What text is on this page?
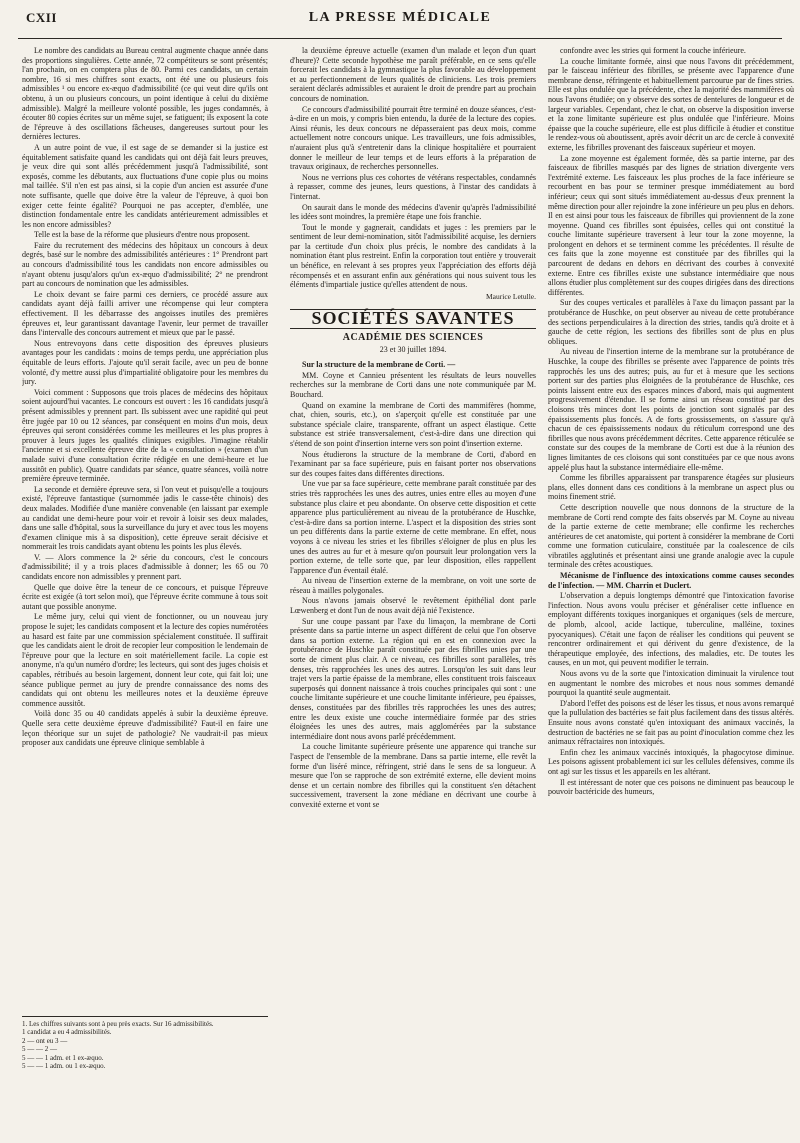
CXII	LA PRESSE MÉDICALE

Le nombre des candidats au Bureau central augmente chaque année dans des proportions singulières. Cette année, 72 compétiteurs se sont présentés; l'an prochain, on en comptera plus de 80. Parmi ces candidats, un certain nombre, 16 si mes chiffres sont exacts, ont été une ou plusieurs fois admissibles ¹ ou encore ex-æquo d'admissibilité (ce qui veut dire qu'ils ont obtenu, à un ou plusieurs concours, un point identique à celui du dixième admissible). Malgré la meilleure volonté possible, les juges condamnés, à écouter 80 copies écrites sur un même sujet, se fatiguent; ils exposent la cote de l'épreuve à des oscillations fâcheuses, dangereuses surtout pour les dernières lectures.

A un autre point de vue, il est sage de se demander si la justice est équitablement satisfaite quand les candidats qui ont déjà fait leurs preuves, je veux dire qui sont allés précédemment jusqu'à l'admissibilité, sont exposés, comme les débutants, aux fluctuations d'une copie plus ou moins mal taillée. S'il n'en est pas ainsi, si la copie d'un ancien est assurée d'une note suffisante, quelle que doive être la valeur de l'épreuve, à quoi bon exiger cette feinte égalité? Pourquoi ne pas accepter, d'emblée, une distinction fondamentale entre les candidats antérieurement admissibles et les non encore admissibles?

Telle est la base de la réforme que plusieurs d'entre nous proposent.

Faire du recrutement des médecins des hôpitaux un concours à deux degrés, basé sur le nombre des admissibilités antérieures : 1° Prendront part au concours d'admissibilité tous les candidats non encore admissibles ou n'ayant obtenu jusqu'alors qu'un ex-æquo d'admissibilité; 2° ne prendront part au concours de nomination que les admissibles.

Le choix devant se faire parmi ces derniers, ce procédé assure aux candidats ayant déjà failli arriver une récompense qui leur comptera effectivement. Il les débarrasse des angoisses inutiles des premières épreuves et, leur garantissant davantage l'avenir, leur permet de travailler dans l'intervalle des concours autrement et mieux que par le passé.

Nous entrevoyons dans cette disposition des épreuves plusieurs avantages pour les candidats : moins de temps perdu, une appréciation plus équitable de leurs efforts. J'ajoute qu'il serait facile, avec un peu de bonne volonté, d'y mettre aussi plus d'impartialité obligatoire pour les membres du jury.

Voici comment : Supposons que trois places de médecins des hôpitaux soient aujourd'hui vacantes. Le concours est ouvert : les 16 candidats jusqu'à présent admissibles y prennent part. Ils subissent avec une rapidité qui peut être jugée par 10 ou 12 séances, par conséquent en moins d'un mois, deux épreuves qui seront considérées comme les meilleures et les plus propres à prouver à leurs juges les qualités cliniques exigibles. J'imagine rétablir l'ancienne et si excellente épreuve dite de la « consultation » (examen d'un malade suivi d'une consultation écrite rédigée en une demi-heure et lue aussitôt en public). Quatre candidats par séance, quatre séances, voilà notre première épreuve terminée.

La seconde et dernière épreuve sera, si l'on veut et puisqu'elle a toujours existé, l'épreuve fantastique (surnommée jadis le casse-tête chinois) des deux malades. Modifiée d'une manière convenable (en laissant par exemple au candidat une demi-heure pour voir et revoir à loisir ses deux malades, dans une salle d'hôpital, sous la surveillance du jury et avec tous les moyens d'examen clinique mis à sa disposition), cette épreuve serait décisive et nommerait les trois candidats ayant obtenu les points les plus élevés.

V. — Alors commence la 2ᵉ série du concours, c'est le concours d'admissibilité; il y a trois places d'admissible à donner; les 65 ou 70 candidats encore non admissibles y prennent part.

Quelle que doive être la teneur de ce concours, et puisque l'épreuve écrite est exigée (à tort selon moi), que l'épreuve écrite commune à tous soit autant que possible anonyme.

Le même jury, celui qui vient de fonctionner, ou un nouveau jury propose le sujet; les candidats composent et la lecture des copies numérotées au hasard est faite par une commission spécialement constituée. Il suffirait que les candidats aient le droit de recopier leur composition le lendemain de l'épreuve pour que la lecture en soit matériellement facile. La copie est anonyme, n'a qu'un numéro d'ordre; les lecteurs, qui sont des juges choisis et capables, rétribués au besoin largement, donnent leur cote, qui fait loi; une séance publique permet au jury de prendre connaissance des noms des candidats qui ont obtenu les meilleures notes et la deuxième épreuve commence aussitôt.

Voilà donc 35 ou 40 candidats appelés à subir la deuxième épreuve. Quelle sera cette deuxième épreuve d'admissibilité? Faut-il en faire une leçon théorique sur un sujet de pathologie? Ne vaudrait-il pas mieux proposer aux candidats une épreuve clinique semblable à

1. Les chiffres suivants sont à peu près exacts. Sur 16 admissibilités.
1 candidat a eu 4 admissibilités.
2 — ont eu 3 —
5 — — 2 —
5 — — 1 adm. et 1 ex-æquo.
5 — — 1 adm. ou 1 ex-æquo.

la deuxième épreuve actuelle (examen d'un malade et leçon d'un quart d'heure)? Cette seconde hypothèse me paraît préférable, en ce sens qu'elle forcerait les candidats à la gymnastique la plus favorable au développement et au perfectionnement de leurs qualités de cliniciens. Les trois premiers seraient déclarés admissibles et auraient le droit de prendre part au prochain concours de nomination.

Ce concours d'admissibilité pourrait être terminé en douze séances, c'est-à-dire en un mois, y compris bien entendu, la durée de la lecture des copies. Ainsi réunis, les deux concours ne dépasseraient pas deux mois, comme actuellement notre concours unique. Les travailleurs, une fois admissibles, n'auraient plus qu'à s'entretenir dans la clinique hospitalière et pourraient donner le meilleur de leur temps et de leurs efforts à la préparation de travaux originaux, de recherches personnelles.

Nous ne verrions plus ces cohortes de vétérans respectables, condamnés à repasser, comme des jeunes, leurs questions, à l'instar des candidats à l'internat.

On saurait dans le monde des médecins d'avenir qu'après l'admissibilité les idées sont moindres, la première étape une fois franchie.

Tout le monde y gagnerait, candidats et juges : les premiers par le sentiment de leur demi-nomination, sitôt l'admissibilité acquise, les derniers par la certitude d'un choix plus précis, le nombre des candidats à la nomination étant plus restreint. Enfin la corporation tout entière y trouverait un bénéfice, en relevant à ses propres yeux l'appréciation des efforts déjà récompensés et en assurant enfin aux générations qui nous suivent tous les éléments d'impartiale justice qu'elles attendent de nous.

Maurice Letulle.
SOCIÉTÉS SAVANTES
ACADÉMIE DES SCIENCES
23 et 30 juillet 1894.

Sur la structure de la membrane de Corti. —

MM. Coyne et Cannieu présentent les résultats de leurs nouvelles recherches sur la membrane de Corti dans une note communiquée par M. Bouchard.

Quand on examine la membrane de Corti des mammifères (homme, chat, chien, souris, etc.), on s'aperçoit qu'elle est constituée par une substance spéciale claire, transparente, offrant un aspect élastique. Cette substance est striée transversalement, c'est-à-dire dans une direction qui s'étend de son point d'insertion interne vers son point d'insertion externe.

Nous étudierons la structure de la membrane de Corti, d'abord en l'examinant par sa face supérieure, puis en faisant porter nos observations sur des coupes faites dans différentes directions.

Une vue par sa face supérieure, cette membrane paraît constituée par des stries très rapprochées les unes des autres, unies entre elles au moyen d'une substance plus claire et peu abondante. On observe cette disposition et cette apparence plus particulièrement au niveau de la protubérance de Huschke, c'est-à-dire dans sa portion interne. L'aspect et la disposition des stries sont un peu différents dans la partie externe de cette membrane. En effet, nous voyons à ce niveau les stries et les fibrilles s'éloigner de plus en plus les unes des autres au fur et à mesure qu'on poursuit leur prolongation vers la portion externe, de telle sorte que, par leur disposition, elles rappellent l'apparence d'un éventail étalé.

Au niveau de l'insertion externe de la membrane, on voit une sorte de réseau à mailles polygonales.

Nous n'avons jamais observé le revêtement épithélial dont parle Lœwenberg et dont l'un de nous avait déjà nié l'existence.

Sur une coupe passant par l'axe du limaçon, la membrane de Corti présente dans sa partie interne un aspect différent de celui que l'on observe dans sa portion externe. La région qui en est en connexion avec la protubérance de Huschke paraît constituée par des fibrilles unies par une sorte de ciment plus clair. A ce niveau, ces fibrilles sont parallèles, très denses, très rapprochées les unes des autres. Lorsqu'on les suit dans leur trajet vers la partie épaisse de la membrane, elles constituent trois faisceaux superposés qui donnent naissance à trois couches principales qui sont : une couche limitante supérieure et une couche limitante inférieure, peu épaisses, denses, constituées par des fibrilles très rapprochées les unes des autres; entre les deux existe une couche intermédiaire formée par des stries éloignées les unes des autres, mais agglomérées par la substance intermédiaire dont nous avons parlé précédemment.

La couche limitante supérieure présente une apparence qui tranche sur l'aspect de l'ensemble de la membrane. Dans sa partie interne, elle revêt la forme d'un liséré mince, réfringent, strié dans le sens de sa longueur. A mesure que l'on se rapproche de son extrémité externe, elle devient moins dense et un certain nombre des fibrilles qui la constituent s'en détachent successivement, traversent la zone médiane en décrivant une courbe à convexité externe et vont se

confondre avec les stries qui forment la couche inférieure.

La couche limitante formée, ainsi que nous l'avons dit précédemment, par le faisceau inférieur des fibrilles, se présente avec l'apparence d'une membrane dense, réfringente et habituellement parcourue par de fines stries. Elle est plus ondulée que la précédente, chez la majorité des mammifères où nous l'avons étudiée; on y observe des sortes de dentelures de longueur et de largeur variables. Cependant, chez le chat, on observe la disposition inverse et la zone limitante supérieure est plus ondulée que l'inférieure. Moins épaisse que la couche supérieure, elle est plus difficile à étudier et constitue le rendez-vous où aboutissent, après avoir décrit un arc de cercle à convexité externe, les fibrilles provenant des faisceaux supérieur et moyen.

La zone moyenne est également formée, dès sa partie interne, par des faisceaux de fibrilles masqués par des lignes de striation divergente vers l'extrémité externe. Les faisceaux les plus proches de la face inférieure se recourbent en bas pour se terminer presque immédiatement au bord inférieur; ceux qui sont situés immédiatement au-dessus d'eux prennent la même direction pour aller rejoindre la zone inférieure un peu plus en dehors. Il en est ainsi pour tous les faisceaux de fibrilles qui proviennent de la zone moyenne. Quand ces fibrilles sont épuisées, celles qui ont constitué la couche limitante supérieure traversent à leur tour la zone moyenne, la prolongent en dehors et se terminent comme les précédentes. Il résulte de ces faits que la zone moyenne est constituée par des fibrilles qui la parcourent de dedans en dehors en décrivant des courbes à convexité externe. Entre ces fibrilles existe une substance intermédiaire que nous allons étudier plus complètement sur des coupes dirigées dans des directions différentes.

Sur des coupes verticales et parallèles à l'axe du limaçon passant par la protubérance de Huschke, on peut observer au niveau de cette protubérance des sections perpendiculaires à la direction des stries, tandis qu'à droite et à gauche de cette région, les sections des fibrilles sont de plus en plus obliques.

Au niveau de l'insertion interne de la membrane sur la protubérance de Huschke, la coupe des fibrilles se présente avec l'apparence de points très rapprochés les uns des autres; puis, au fur et à mesure que les sections portent sur des parties plus éloignées de la protubérance de Huschke, ces points laissent entre eux des espaces minces d'abord, mais qui augmentent progressivement d'étendue. Il se forme ainsi un réseau constitué par des cloisons très minces dont les points de jonction sont signalés par des épaississements plus foncés. A de forts grossissements, on s'assure qu'à chacun de ces épaississements nodaux du réticulum correspond une des fibrilles que nous avons précédemment décrites. Cette apparence réticulée se constate sur des coupes de la membrane de Corti est due à la réunion des lignes limitantes de ces cloisons qui sont constituées par ce que nous avons appelé plus haut la substance intermédiaire elle-même.

Comme les fibrilles apparaissent par transparence étagées sur plusieurs plans, elles donnent dans ces conditions à la membrane un aspect plus ou moins finement strié.

Cette description nouvelle que nous donnons de la structure de la membrane de Corti rend compte des faits observés par M. Coyne au niveau de la partie externe de cette membrane; elle confirme les recherches antérieures de cet anatomiste, qui portent à considérer la membrane de Corti comme une formation cuticulaire, constituée par la coalescence de cils vibratiles agglutinés et présentant ainsi une grande analogie avec la cupule terminale des crêtes acoustiques.

Mécanisme de l'influence des intoxications comme causes secondes de l'infection. — MM. Charrin et Duclert.

L'observation a depuis longtemps démontré que l'intoxication favorise l'infection. Nous avons voulu préciser et généraliser cette influence en employant différents toxiques inorganiques et organiques (sels de mercure, de plomb, alcool, acide lactique, tuberculine, malléine, toxines pyocyaniques). C'était une façon de réaliser les conditions qui peuvent se rencontrer ordinairement et qui dérivent du genre d'existence, de la thérapeutique employée, des infections, des maladies, etc. De toutes les causes, en un mot, qui peuvent modifier le terrain.

Nous avons vu de la sorte que l'intoxication diminuait la virulence tout en augmentant le nombre des microbes et nous nous sommes demandé pourquoi la quantité seule augmentait.

D'abord l'effet des poisons est de léser les tissus, et nous avons remarqué que la pullulation des bactéries se fait plus facilement dans des tissus altérés. Ensuite nous avons constaté qu'en intoxiquant des animaux vaccinés, la destruction de bactéries ne se fait pas au point d'inoculation comme chez les animaux réfractaires non intoxiqués.

Enfin chez les animaux vaccinés intoxiqués, la phagocytose diminue. Les poisons agissent probablement ici sur les cellules défensives, comme ils ont agi sur les tissus et les appareils en les altérant.

Il est intéressant de noter que ces poisons ne diminuent pas beaucoup le pouvoir bactéricide des humeurs,
